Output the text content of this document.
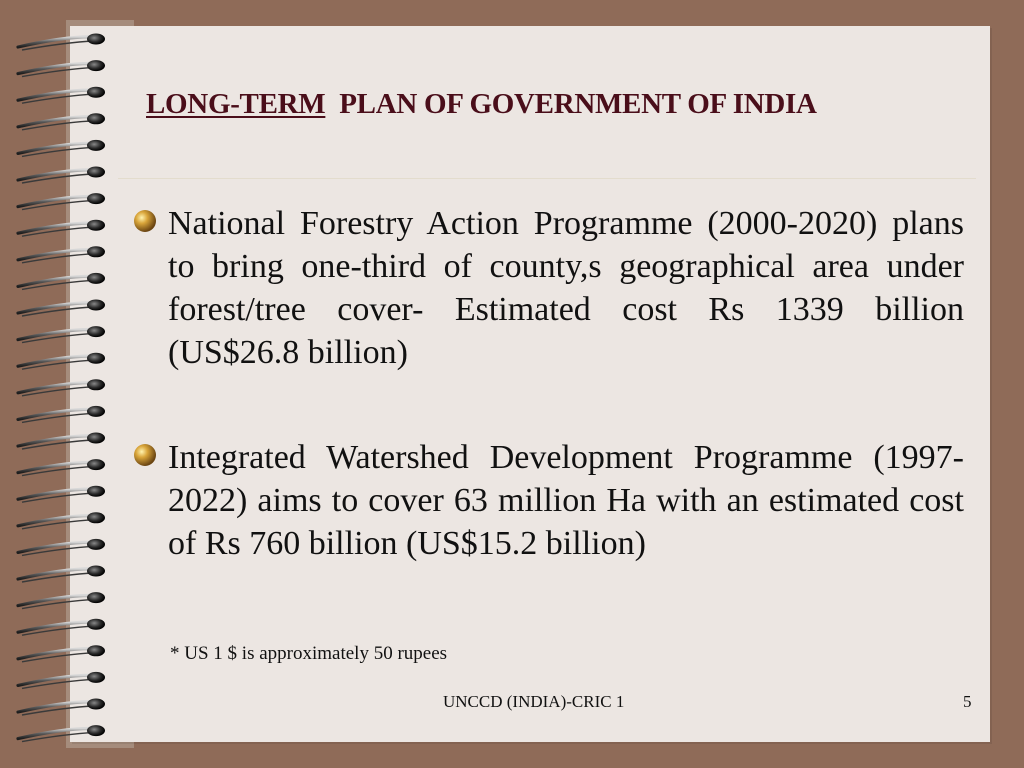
LONG-TERM PLAN OF GOVERNMENT OF INDIA
National Forestry Action Programme (2000-2020) plans to bring one-third of county,s geographical area under forest/tree cover- Estimated cost Rs 1339 billion (US$26.8 billion)
Integrated Watershed Development Programme (1997-2022) aims to cover 63 million Ha with an estimated cost of Rs 760 billion (US$15.2 billion)
* US 1 $ is approximately 50 rupees
UNCCD (INDIA)-CRIC 1	5
